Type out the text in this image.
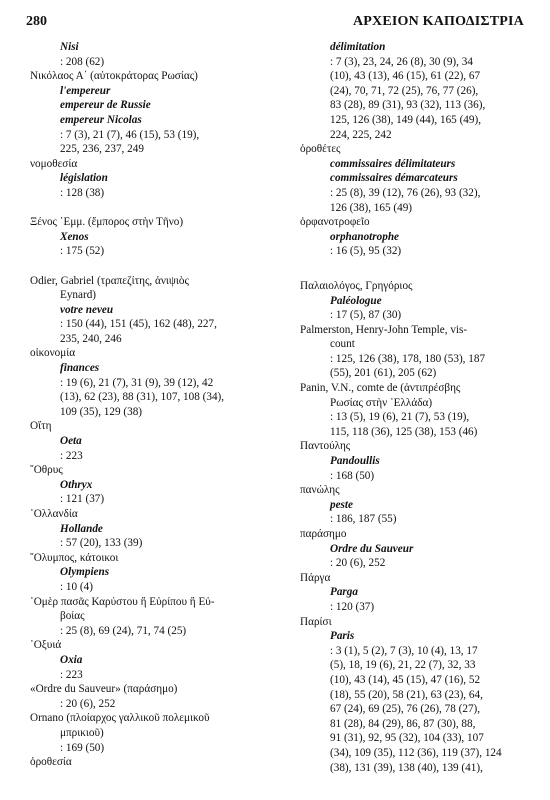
280	ΑΡΧΕΙΟΝ ΚΑΠΟΔΙΣΤΡΙΑ
Nisi
: 208 (62)
Νικόλαος Α΄ (αὐτοκράτορας Ρωσίας)
l'empereur
empereur de Russie
empereur Nicolas
: 7 (3), 21 (7), 46 (15), 53 (19),
225, 236, 237, 249
νομοθεσία
législation
: 128 (38)
Ξένος ᾽Εμμ. (ἔμπορος στὴν Τῆνο)
Xenos
: 175 (52)
Odier, Gabriel (τραπεζίτης, ἀνιψιὸς
Eynard)
votre neveu
: 150 (44), 151 (45), 162 (48), 227,
235, 240, 246
οἰκονομία
finances
: 19 (6), 21 (7), 31 (9), 39 (12), 42
(13), 62 (23), 88 (31), 107, 108 (34),
109 (35), 129 (38)
Οἴτη
Oeta
: 223
῎Οθρυς
Othryx
: 121 (37)
᾽Ολλανδία
Hollande
: 57 (20), 133 (39)
῎Ολυμπος, κάτοικοι
Olympiens
: 10 (4)
᾽Ομὲρ πασᾶς Καρύστου ἢ Εὐρίπου ἢ Εὐ-
βοίας
: 25 (8), 69 (24), 71, 74 (25)
᾽Οξυιά
Oxia
: 223
«Ordre du Sauveur» (παράσημο)
: 20 (6), 252
Ornano (πλοίαρχος γαλλικοῦ πολεμικοῦ
μπρικιοῦ)
: 169 (50)
ὀροθεσία
délimitation
: 7 (3), 23, 24, 26 (8), 30 (9), 34
(10), 43 (13), 46 (15), 61 (22), 67
(24), 70, 71, 72 (25), 76, 77 (26),
83 (28), 89 (31), 93 (32), 113 (36),
125, 126 (38), 149 (44), 165 (49),
224, 225, 242
ὀροθέτες
commissaires délimitateurs
commissaires démarcateurs
: 25 (8), 39 (12), 76 (26), 93 (32),
126 (38), 165 (49)
ὀρφανοτροφεῖο
orphanotrophe
: 16 (5), 95 (32)
Παλαιολόγος, Γρηγόριος
Paléologue
: 17 (5), 87 (30)
Palmerston, Henry-John Temple, vis-
count
: 125, 126 (38), 178, 180 (53), 187
(55), 201 (61), 205 (62)
Panin, V.N., comte de (ἀντιπρέσβης
Ρωσίας στὴν ᾽Ελλάδα)
: 13 (5), 19 (6), 21 (7), 53 (19),
115, 118 (36), 125 (38), 153 (46)
Παντούλης
Pandoullis
: 168 (50)
πανώλης
peste
: 186, 187 (55)
παράσημο
Ordre du Sauveur
: 20 (6), 252
Πάργα
Parga
: 120 (37)
Παρίσι
Paris
: 3 (1), 5 (2), 7 (3), 10 (4), 13, 17
(5), 18, 19 (6), 21, 22 (7), 32, 33
(10), 43 (14), 45 (15), 47 (16), 52
(18), 55 (20), 58 (21), 63 (23), 64,
67 (24), 69 (25), 76 (26), 78 (27),
81 (28), 84 (29), 86, 87 (30), 88,
91 (31), 92, 95 (32), 104 (33), 107
(34), 109 (35), 112 (36), 119 (37), 124
(38), 131 (39), 138 (40), 139 (41),
